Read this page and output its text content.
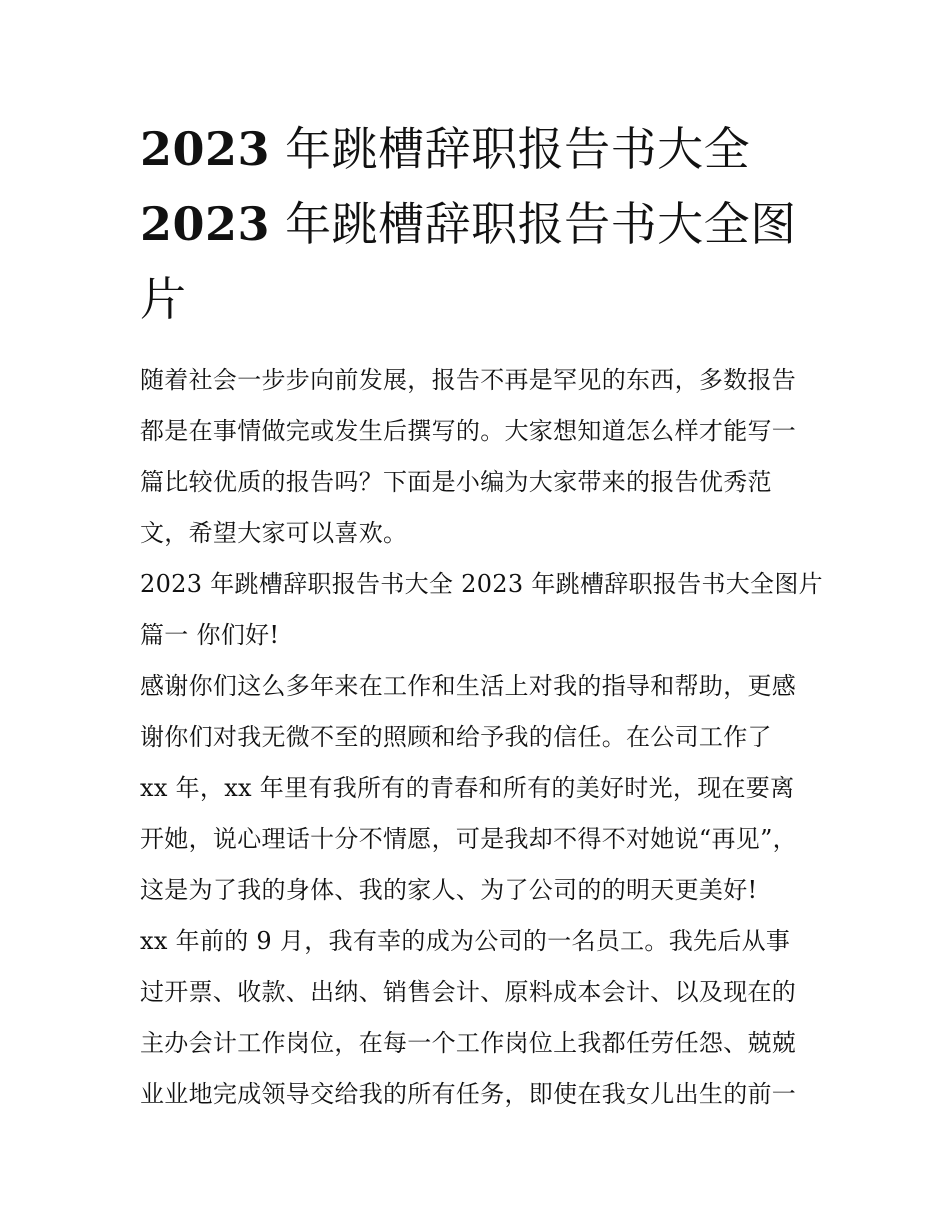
2023 年跳槽辞职报告书大全
2023 年跳槽辞职报告书大全图
片
随着社会一步步向前发展，报告不再是罕见的东西，多数报告
都是在事情做完或发生后撰写的。大家想知道怎么样才能写一
篇比较优质的报告吗？下面是小编为大家带来的报告优秀范
文，希望大家可以喜欢。
2023 年跳槽辞职报告书大全 2023 年跳槽辞职报告书大全图片
篇一 你们好!
感谢你们这么多年来在工作和生活上对我的指导和帮助，更感
谢你们对我无微不至的照顾和给予我的信任。在公司工作了
xx 年，xx 年里有我所有的青春和所有的美好时光，现在要离
开她，说心理话十分不情愿，可是我却不得不对她说“再见”，
这是为了我的身体、我的家人、为了公司的的明天更美好!
xx 年前的 9 月，我有幸的成为公司的一名员工。我先后从事
过开票、收款、出纳、销售会计、原料成本会计、以及现在的
主办会计工作岗位，在每一个工作岗位上我都任劳任怨、兢兢
业业地完成领导交给我的所有任务，即使在我女儿出生的前一
